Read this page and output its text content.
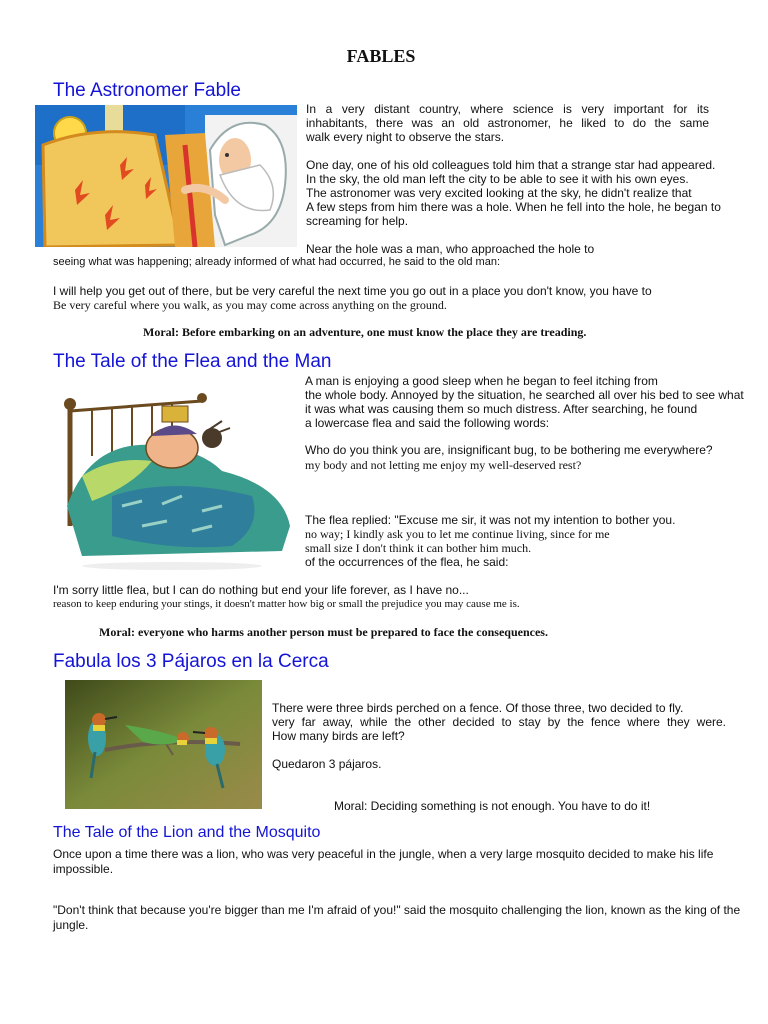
FABLES
The Astronomer Fable
In a very distant country, where science is very important for its
inhabitants, there was an old astronomer, he liked to do the same
walk every night to observe the stars.
One day, one of his old colleagues told him that a strange star had appeared.
In the sky, the old man left the city to be able to see it with his own eyes.
The astronomer was very excited looking at the sky, he didn't realize that
A few steps from him there was a hole. When he fell into the hole, he began to
screaming for help.
Near the hole was a man, who approached the hole to
seeing what was happening; already informed of what had occurred, he said to the old man:
I will help you get out of there, but be very careful the next time you go out in a place you don't know, you have to
Be very careful where you walk, as you may come across anything on the ground.
Moral: Before embarking on an adventure, one must know the place they are treading.
The Tale of the Flea and the Man
A man is enjoying a good sleep when he began to feel itching from
the whole body. Annoyed by the situation, he searched all over his bed to see what
it was what was causing them so much distress. After searching, he found
a lowercase flea and said the following words:
Who do you think you are, insignificant bug, to be bothering me everywhere?
my body and not letting me enjoy my well-deserved rest?
The flea replied: "Excuse me sir, it was not my intention to bother you.
no way; I kindly ask you to let me continue living, since for me
small size I don't think it can bother him much.
of the occurrences of the flea, he said:
I'm sorry little flea, but I can do nothing but end your life forever, as I have no...
reason to keep enduring your stings, it doesn't matter how big or small the prejudice you may cause me is.
Moral: everyone who harms another person must be prepared to face the consequences.
Fabula los 3 Pájaros en la Cerca
There were three birds perched on a fence. Of those three, two decided to fly.
very far away, while the other decided to stay by the fence where they were.
How many birds are left?
Quedaron 3 pájaros.
Moral: Deciding something is not enough. You have to do it!
The Tale of the Lion and the Mosquito
Once upon a time there was a lion, who was very peaceful in the jungle, when a very large mosquito decided to make his life
impossible.
"Don't think that because you're bigger than me I'm afraid of you!" said the mosquito challenging the lion, known as the king of the
jungle.
